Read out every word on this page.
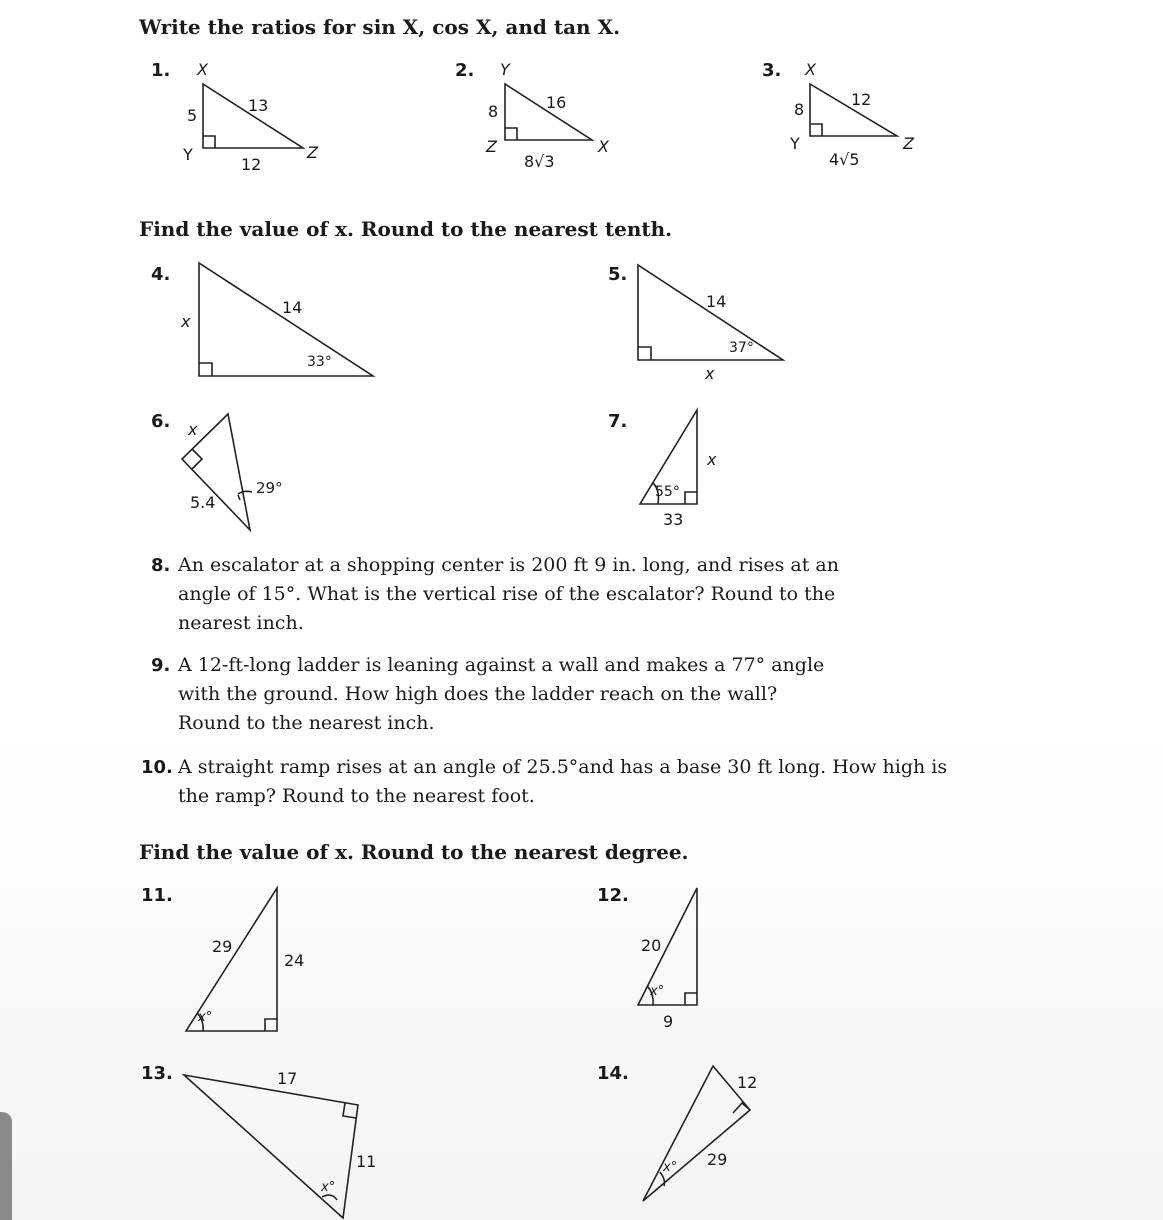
Write the ratios for sin X, cos X, and tan X.
Find the value of x. Round to the nearest tenth.
Find the value of x. Round to the nearest degree.
1. X
5
13
Y
12
Z
2. Y
8	16
Z
8√3
X
3. X
8
12
Y
4√5
Z
4.
x
14
33°
5.
14
37°
x
6. x
5.4
29°
7.
x
55°
33
8. An escalator at a shopping center is 200 ft 9 in. long, and rises at an
angle of 15°. What is the vertical rise of the escalator? Round to the
nearest inch.
9. A 12-ft-long ladder is leaning against a wall and makes a 77° angle
with the ground. How high does the ladder reach on the wall?
Round to the nearest inch.
10. A straight ramp rises at an angle of 25.5°and has a base 30 ft long. How high is
the ramp? Round to the nearest foot.
11.
29
24
x°
12.
20
x°
9
13.	17
11
x°
14.	12
29
x°
